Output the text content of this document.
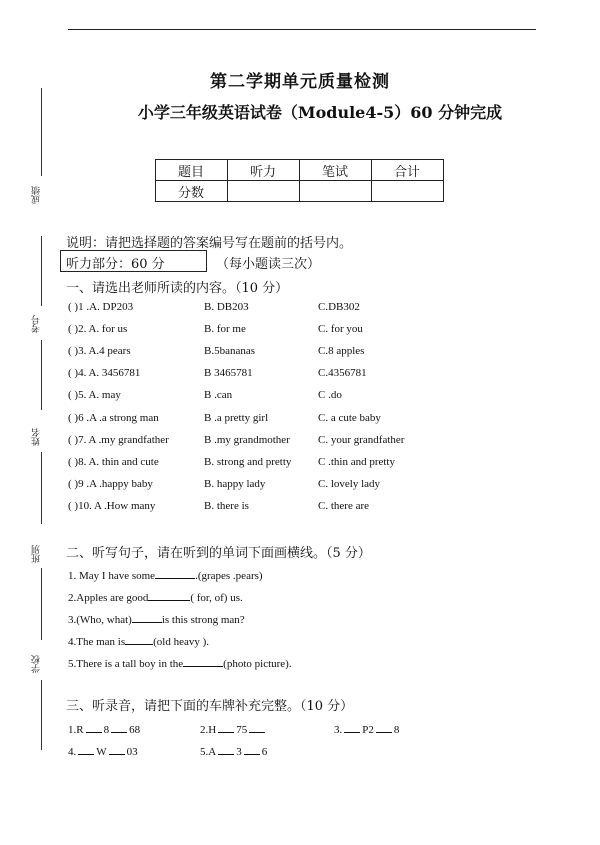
第二学期单元质量检测
小学三年级英语试卷（Module4-5）60 分钟完成
题目	听力	笔试	合计
分数			
成绩
考号
姓名
班别
学校
说明：请把选择题的答案编号写在题前的括号内。
听力部分：60 分	（每小题读三次）
一、请选出老师所读的内容。（10 分）
( )1 .A. DP203	B. DB203	C.DB302
( )2. A. for us	B. for me	C. for you
( )3. A.4 pears	B.5bananas	C.8 apples
( )4. A. 3456781	B 3465781	C.4356781
( )5. A. may	B .can	C .do
( )6 .A .a strong man	B .a pretty girl	C. a cute baby
( )7. A .my grandfather	B .my grandmother	C. your grandfather
( )8. A. thin and cute	B. strong and pretty C .thin and pretty
( )9 .A .happy baby	B. happy lady	C. lovely lady
( )10. A .How many	B. there is	C. there are
二、听写句子，请在听到的单词下面画横线。（5 分）
1. May I have some	.(grapes .pears)
2.Apples are good	( for, of) us.
3.(Who, what)	is this strong man?
4.The man is	(old heavy ).
5.There is a tall boy in the	(photo picture).
三、听录音，请把下面的车牌补充完整。（10 分）
1.R 8 68	2.H 75	3. P2 8
4. W 03	5.A 3 6
